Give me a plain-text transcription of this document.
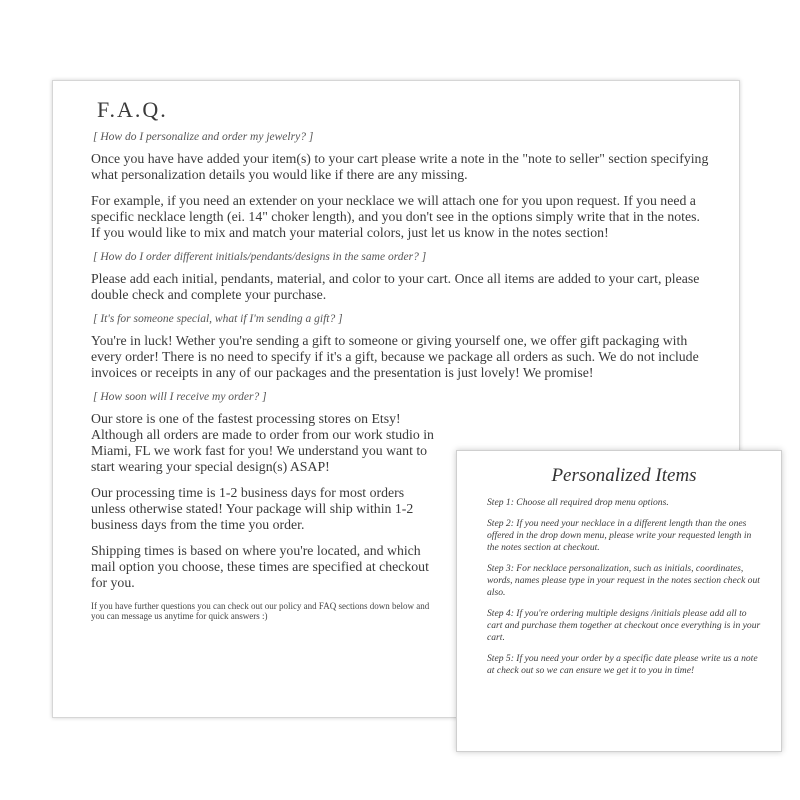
F.A.Q.
[ How do I personalize and order my jewelry? ]
Once you have have added your item(s) to your cart please write a note in the "note to seller" section specifying what personalization details you would like if there are any missing.
For example, if you need an extender on your necklace we will attach one for you upon request. If you need a specific necklace length (ei. 14" choker length), and you don't see in the options simply write that in the notes. If you would like to mix and match your material colors, just let us know in the notes section!
[ How do I order different initials/pendants/designs in the same order? ]
Please add each initial, pendants, material, and color to your cart. Once all items are added to your cart, please double check and complete your purchase.
[ It's for someone special, what if I'm sending a gift? ]
You're in luck! Wether you're sending a gift to someone or giving yourself one, we offer gift packaging with every order! There is no need to specify if it's a gift, because we package all orders as such. We do not include invoices or receipts in any of our packages and the presentation is just lovely! We promise!
[ How soon will I receive my order? ]
Our store is one of the fastest processing stores on Etsy! Although all orders are made to order from our work studio in Miami, FL we work fast for you! We understand you want to start wearing your special design(s) ASAP!
Our processing time is 1-2 business days for most orders unless otherwise stated! Your package will ship within 1-2 business days from the time you order.
Shipping times is based on where you're located, and which mail option you choose, these times are specified at checkout for you.
If you have further questions you can check out our policy and FAQ sections down below and you can message us anytime for quick answers :)
Personalized Items
Step 1: Choose all required drop menu options.
Step 2: If you need your necklace in a different length than the ones offered in the drop down menu, please write your requested length in the notes section at checkout.
Step 3: For necklace personalization, such as initials, coordinates, words, names please type in your request in the notes section check out also.
Step 4: If you're ordering multiple designs /initials please add all to cart and purchase them together at checkout once everything is in your cart.
Step 5: If you need your order by a specific date please write us a note at check out so we can ensure we get it to you in time!
